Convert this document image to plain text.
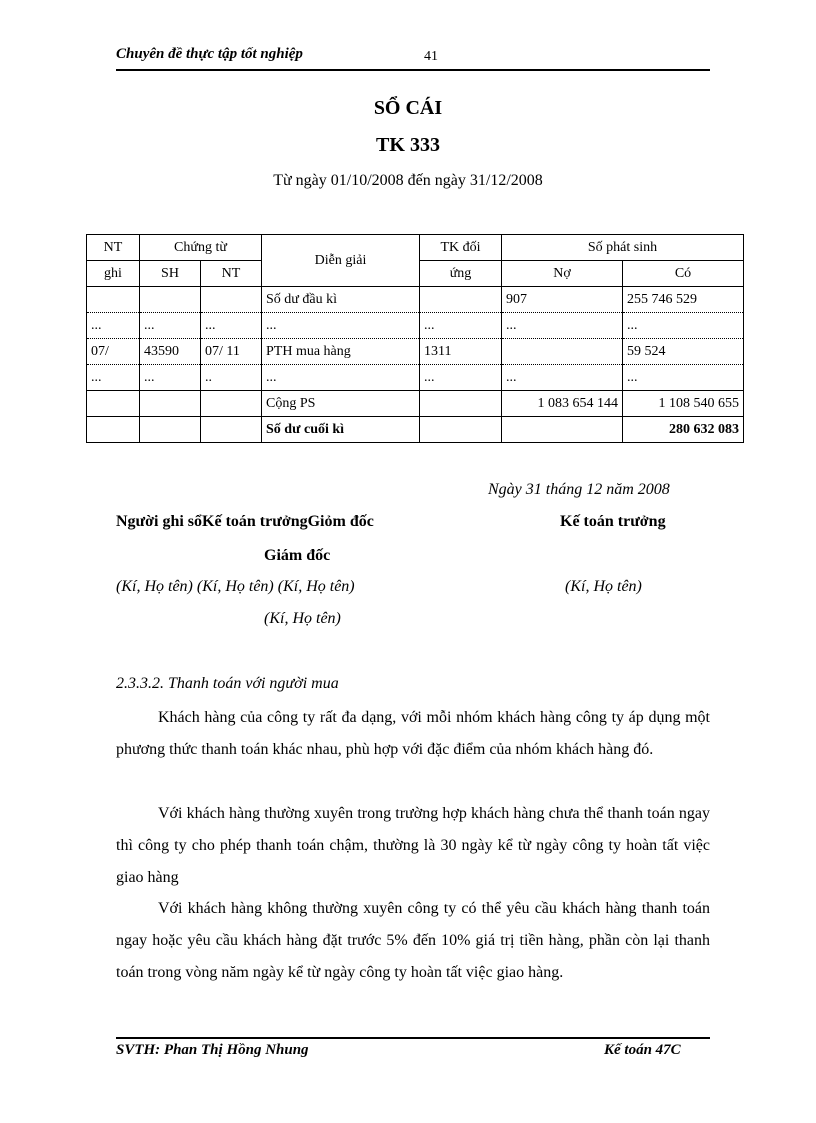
Chuyên đề thực tập tốt nghiệp	41
SỔ CÁI
TK 333
Từ ngày 01/10/2008 đến ngày 31/12/2008
NT	Chứng từ		Diễn giải	TK đối	Số phát sinh	
ghi	SH	NT		ứng	Nợ	Có
			Số dư đầu kì		907	255 746 529
...	...	...	...	...	...	...
07/	43590	07/ 11	PTH mua hàng	1311		59 524
...	...	..	...	...	...	...
			Cộng PS		1 083 654 144	1 108 540 655
			Số dư cuối kì			280 632 083
Ngày 31 tháng 12 năm 2008
Người ghi sổKế toán trưởngGiỏm đốc	Kế toán trưởng
Giám đốc
(Kí, Họ tên) (Kí, Họ tên) (Kí, Họ tên)	(Kí, Họ tên)
(Kí, Họ tên)
2.3.3.2. Thanh toán với người mua
Khách hàng của công ty rất đa dạng, với mỗi nhóm khách hàng công ty áp dụng một phương thức thanh toán khác nhau, phù hợp với đặc điểm của nhóm khách hàng đó.
Với khách hàng thường xuyên trong trường hợp khách hàng chưa thể thanh toán ngay thì công ty cho phép thanh toán chậm, thường là 30 ngày kể từ ngày công ty hoàn tất việc giao hàng
Với khách hàng không thường xuyên công ty có thể yêu cầu khách hàng thanh toán ngay hoặc yêu cầu khách hàng đặt trước 5% đến 10% giá trị tiền hàng, phần còn lại thanh toán trong vòng năm ngày kể từ ngày công ty hoàn tất việc giao hàng.
SVTH: Phan Thị Hồng Nhung	Kế toán 47C
